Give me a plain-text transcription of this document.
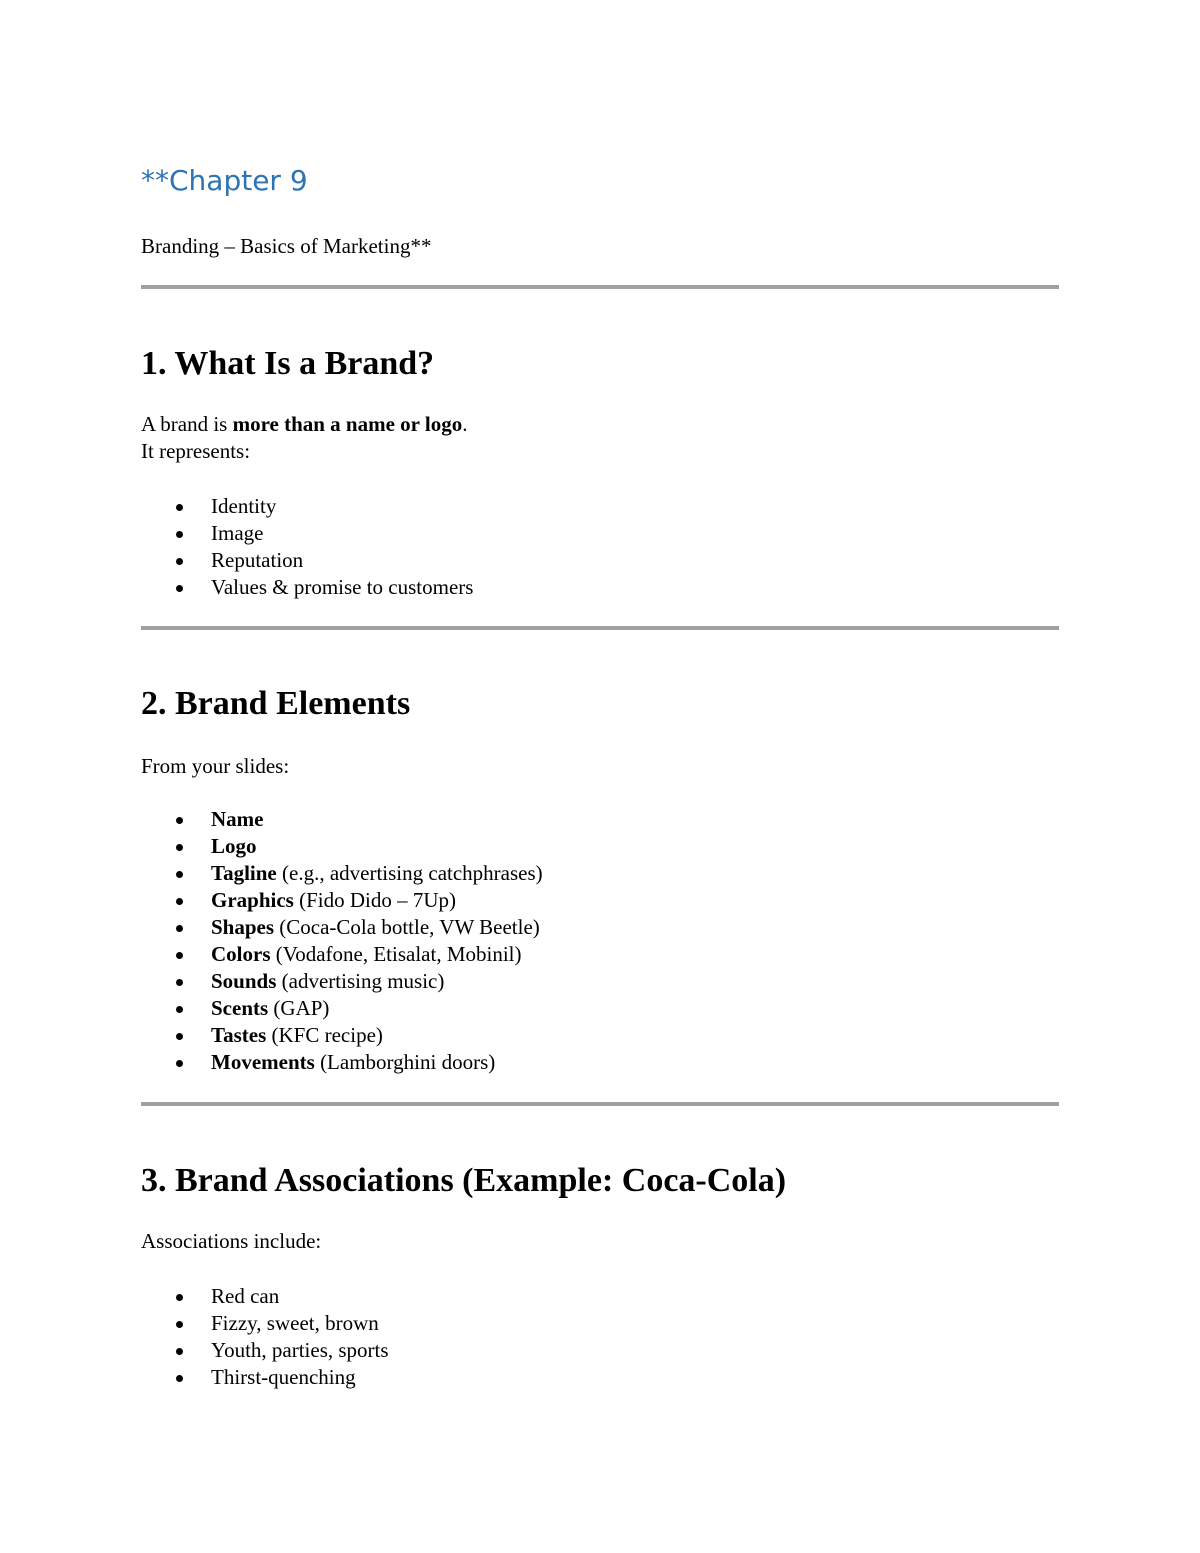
**Chapter 9

Branding – Basics of Marketing**

1. What Is a Brand?

A brand is more than a name or logo.

It represents:

Identity
Image
Reputation
Values & promise to customers
2. Brand Elements

From your slides:

Name
Logo
Tagline (e.g., advertising catchphrases)
Graphics (Fido Dido – 7Up)
Shapes (Coca-Cola bottle, VW Beetle)
Colors (Vodafone, Etisalat, Mobinil)
Sounds (advertising music)
Scents (GAP)
Tastes (KFC recipe)
Movements (Lamborghini doors)
3. Brand Associations (Example: Coca-Cola)

Associations include:

Red can
Fizzy, sweet, brown
Youth, parties, sports
Thirst-quenching
